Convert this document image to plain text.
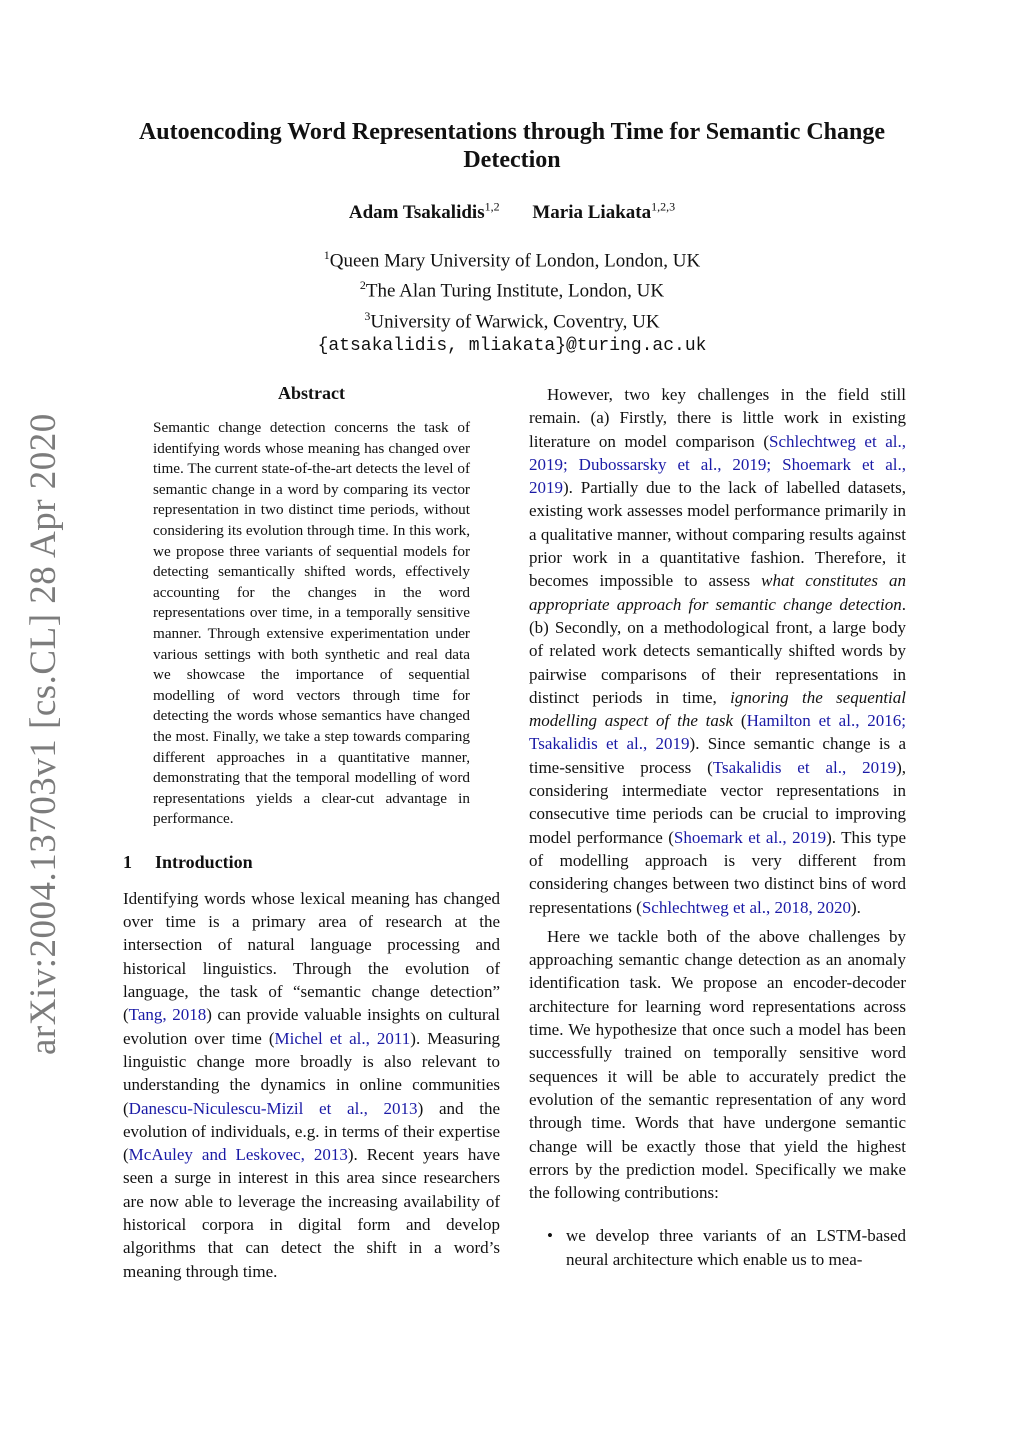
arXiv:2004.13703v1 [cs.CL] 28 Apr 2020
Autoencoding Word Representations through Time for Semantic Change Detection
Adam Tsakalidis$^{1,2}$ Maria Liakata$^{1,2,3}$
$^1$Queen Mary University of London, London, UK
$^2$The Alan Turing Institute, London, UK
$^3$University of Warwick, Coventry, UK
{atsakalidis, mliakata}@turing.ac.uk
Abstract

Semantic change detection concerns the task of identifying words whose meaning has changed over time. The current state-of-the-art detects the level of semantic change in a word by comparing its vector representation in two distinct time periods, without considering its evolution through time. In this work, we propose three variants of sequential models for detecting semantically shifted words, effectively accounting for the changes in the word representations over time, in a temporally sensitive manner. Through extensive experimentation under various settings with both synthetic and real data we showcase the importance of sequential modelling of word vectors through time for detecting the words whose semantics have changed the most. Finally, we take a step towards comparing different approaches in a quantitative manner, demonstrating that the temporal modelling of word representations yields a clear-cut advantage in performance.

1 Introduction

Identifying words whose lexical meaning has changed over time is a primary area of research at the intersection of natural language processing and historical linguistics. Through the evolution of language, the task of “semantic change detection” (Tang, 2018) can provide valuable insights on cultural evolution over time (Michel et al., 2011). Measuring linguistic change more broadly is also relevant to understanding the dynamics in online communities (Danescu-Niculescu-Mizil et al., 2013) and the evolution of individuals, e.g. in terms of their expertise (McAuley and Leskovec, 2013). Recent years have seen a surge in interest in this area since researchers are now able to leverage the increasing availability of historical corpora in digital form and develop algorithms that can detect the shift in a word’s meaning through time.

However, two key challenges in the field still remain. (a) Firstly, there is little work in existing literature on model comparison (Schlechtweg et al., 2019; Dubossarsky et al., 2019; Shoemark et al., 2019). Partially due to the lack of labelled datasets, existing work assesses model performance primarily in a qualitative manner, without comparing results against prior work in a quantitative fashion. Therefore, it becomes impossible to assess what constitutes an appropriate approach for semantic change detection. (b) Secondly, on a methodological front, a large body of related work detects semantically shifted words by pairwise comparisons of their representations in distinct periods in time, ignoring the sequential modelling aspect of the task (Hamilton et al., 2016; Tsakalidis et al., 2019). Since semantic change is a time-sensitive process (Tsakalidis et al., 2019), considering intermediate vector representations in consecutive time periods can be crucial to improving model performance (Shoemark et al., 2019). This type of modelling approach is very different from considering changes between two distinct bins of word representations (Schlechtweg et al., 2018, 2020).

Here we tackle both of the above challenges by approaching semantic change detection as an anomaly identification task. We propose an encoder-decoder architecture for learning word representations across time. We hypothesize that once such a model has been successfully trained on temporally sensitive word sequences it will be able to accurately predict the evolution of the semantic representation of any word through time. Words that have undergone semantic change will be exactly those that yield the highest errors by the prediction model. Specifically we make the following contributions:

• we develop three variants of an LSTM-based neural architecture which enable us to mea-
